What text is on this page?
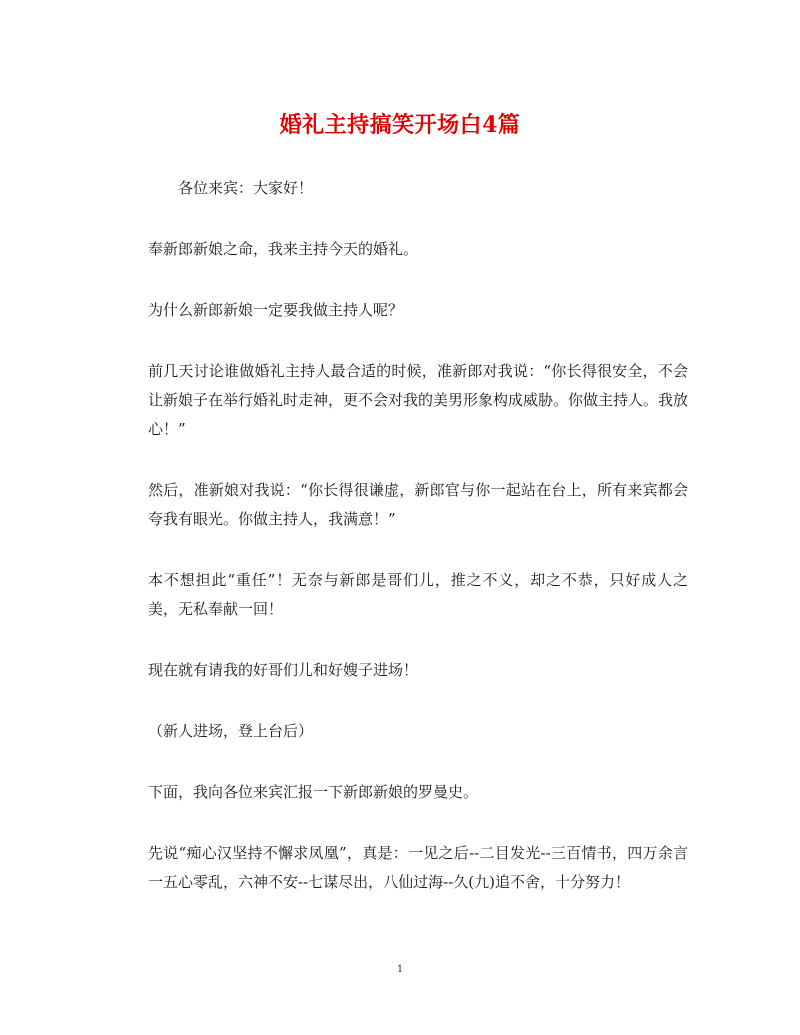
婚礼主持搞笑开场白4篇

各位来宾：大家好！

奉新郎新娘之命，我来主持今天的婚礼。

为什么新郎新娘一定要我做主持人呢？

前几天讨论谁做婚礼主持人最合适的时候，准新郎对我说：“你长得很安全，不会让新娘子在举行婚礼时走神，更不会对我的美男形象构成威胁。你做主持人。我放心！”

然后，准新娘对我说：“你长得很谦虚，新郎官与你一起站在台上，所有来宾都会夸我有眼光。你做主持人，我满意！”

本不想担此“重任”！无奈与新郎是哥们儿，推之不义，却之不恭，只好成人之美，无私奉献一回！

现在就有请我的好哥们儿和好嫂子进场！

（新人进场，登上台后）

下面，我向各位来宾汇报一下新郎新娘的罗曼史。

先说“痴心汉坚持不懈求凤凰”，真是：一见之后--二目发光--三百情书，四万余言一五心零乱，六神不安--七谋尽出，八仙过海--久(九)追不舍，十分努力！

1
